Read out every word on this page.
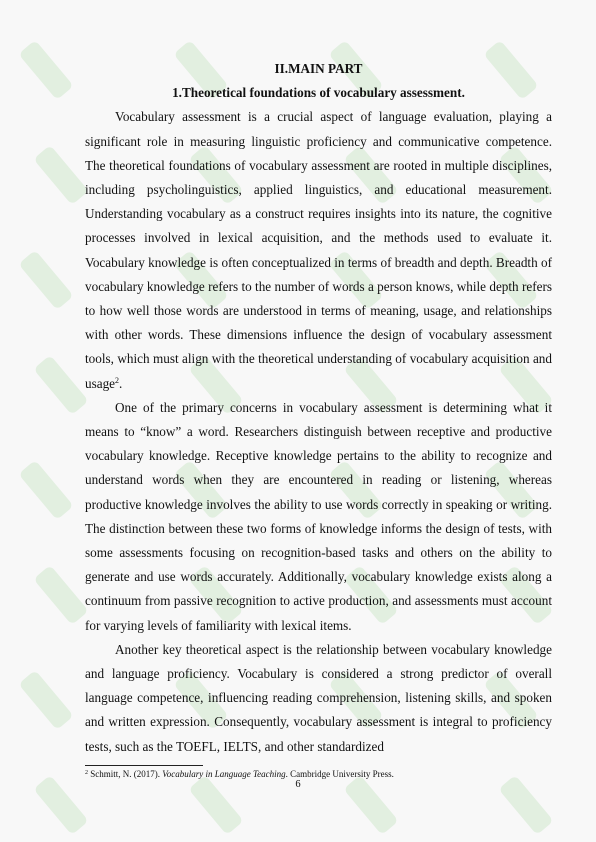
II.MAIN PART
1.Theoretical foundations of vocabulary assessment.

Vocabulary assessment is a crucial aspect of language evaluation, playing a significant role in measuring linguistic proficiency and communicative competence. The theoretical foundations of vocabulary assessment are rooted in multiple disciplines, including psycholinguistics, applied linguistics, and educational measurement. Understanding vocabulary as a construct requires insights into its nature, the cognitive processes involved in lexical acquisition, and the methods used to evaluate it. Vocabulary knowledge is often conceptualized in terms of breadth and depth. Breadth of vocabulary knowledge refers to the number of words a person knows, while depth refers to how well those words are understood in terms of meaning, usage, and relationships with other words. These dimensions influence the design of vocabulary assessment tools, which must align with the theoretical understanding of vocabulary acquisition and usage$^2$.

One of the primary concerns in vocabulary assessment is determining what it means to “know” a word. Researchers distinguish between receptive and productive vocabulary knowledge. Receptive knowledge pertains to the ability to recognize and understand words when they are encountered in reading or listening, whereas productive knowledge involves the ability to use words correctly in speaking or writing. The distinction between these two forms of knowledge informs the design of tests, with some assessments focusing on recognition-based tasks and others on the ability to generate and use words accurately. Additionally, vocabulary knowledge exists along a continuum from passive recognition to active production, and assessments must account for varying levels of familiarity with lexical items.

Another key theoretical aspect is the relationship between vocabulary knowledge and language proficiency. Vocabulary is considered a strong predictor of overall language competence, influencing reading comprehension, listening skills, and spoken and written expression. Consequently, vocabulary assessment is integral to proficiency tests, such as the TOEFL, IELTS, and other standardized

$^2$ Schmitt, N. (2017). Vocabulary in Language Teaching. Cambridge University Press.
6
